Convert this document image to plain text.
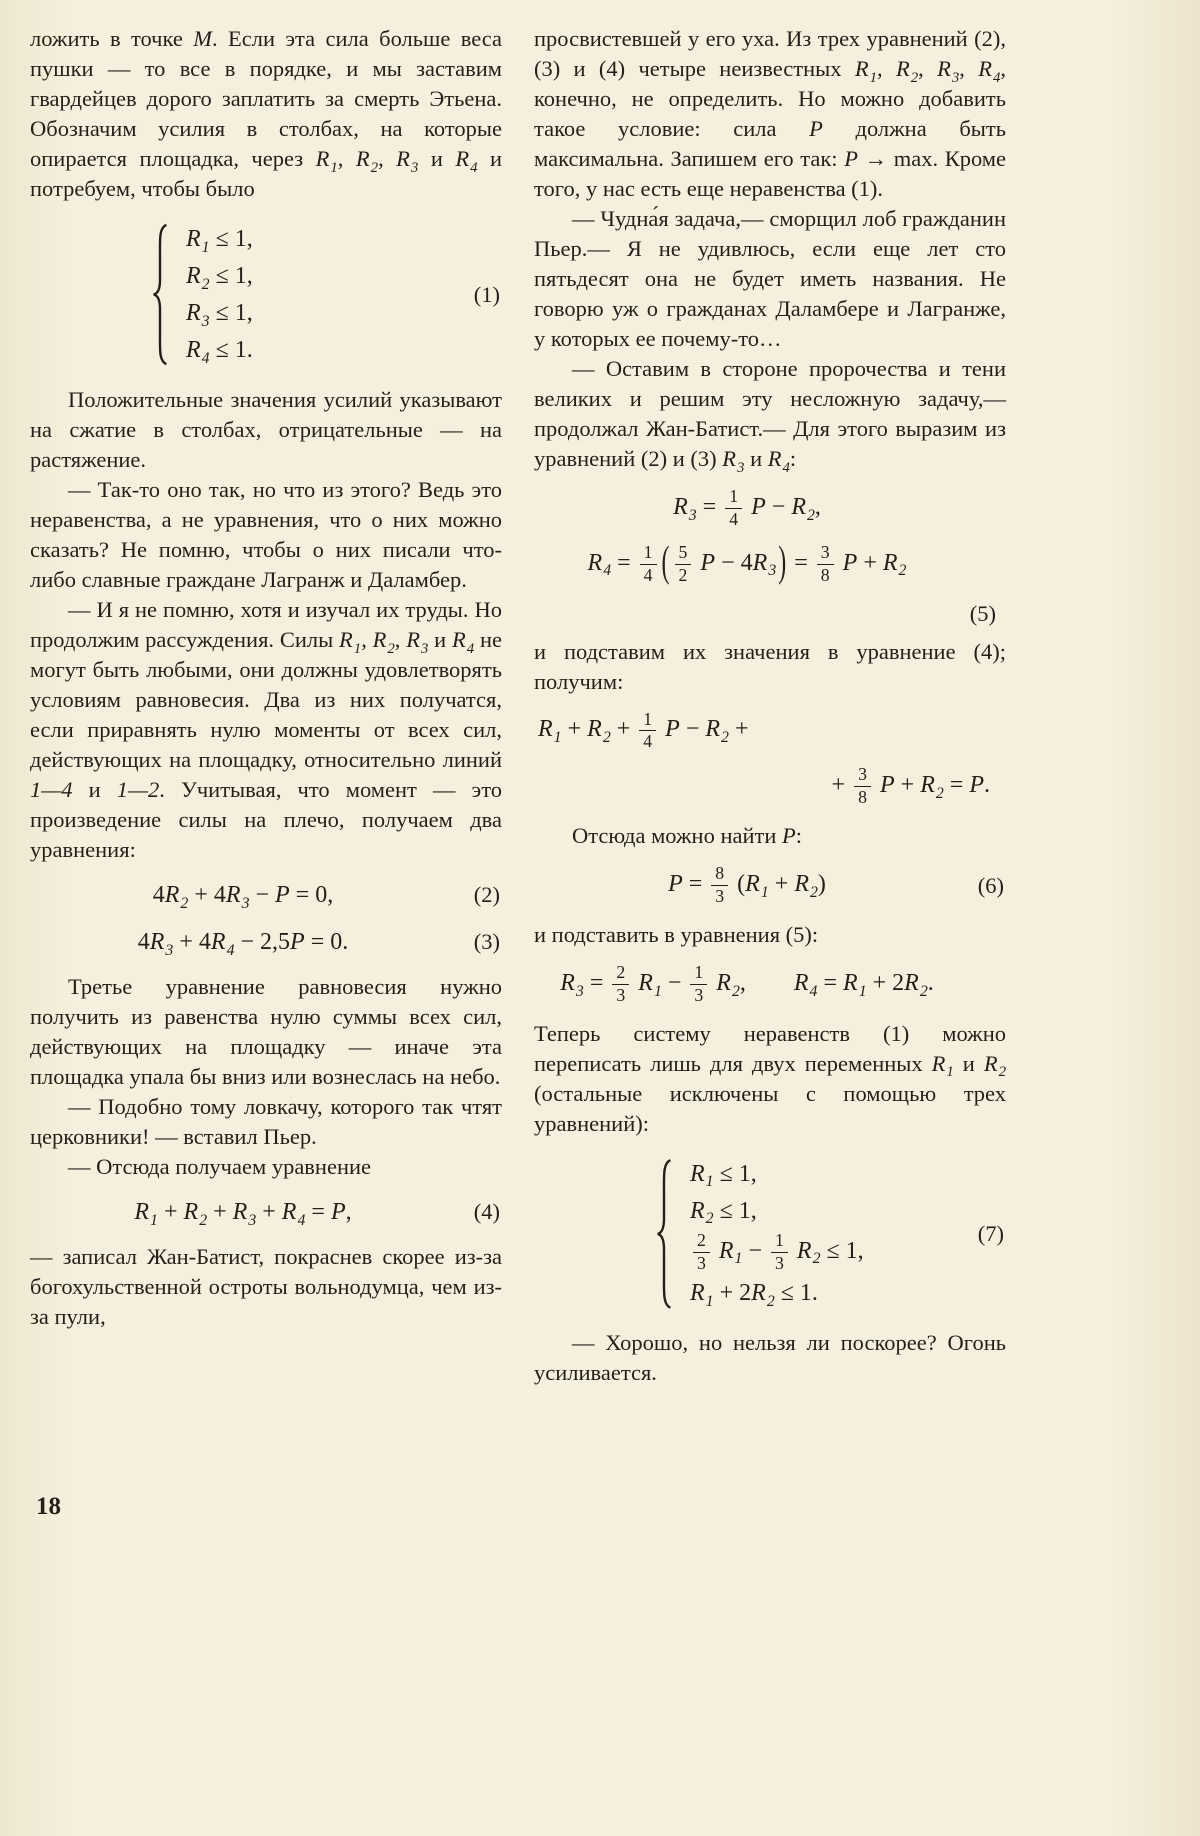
ложить в точке М. Если эта сила больше веса пушки — то все в порядке, и мы заставим гвардейцев дорого заплатить за смерть Этьена. Обозначим усилия в столбах, на которые опирается площадка, через $R_1$, $R_2$, $R_3$ и $R_4$ и потребуем, чтобы было

$R_1 \le 1$,
$R_2 \le 1$,
$R_3 \le 1$,
$R_4 \le 1$.
(1)

Положительные значения усилий указывают на сжатие в столбах, отрицательные — на растяжение.

— Так-то оно так, но что из этого? Ведь это неравенства, а не уравнения, что о них можно сказать? Не помню, чтобы о них писали что-либо славные граждане Лагранж и Даламбер.

— И я не помню, хотя и изучал их труды. Но продолжим рассуждения. Силы $R_1$, $R_2$, $R_3$ и $R_4$ не могут быть любыми, они должны удовлетворять условиям равновесия. Два из них получатся, если приравнять нулю моменты от всех сил, действующих на площадку, относительно линий 1—4 и 1—2. Учитывая, что момент — это произведение силы на плечо, получаем два уравнения:

$4R_2 + 4R_3 - P = 0$,	(2)
$4R_3 + 4R_4 - 2,5P = 0$.	(3)

Третье уравнение равновесия нужно получить из равенства нулю суммы всех сил, действующих на площадку — иначе эта площадка упала бы вниз или вознеслась на небо.

— Подобно тому ловкачу, которого так чтят церковники! — вставил Пьер.

— Отсюда получаем уравнение

$R_1 + R_2 + R_3 + R_4 = P$,	(4)

— записал Жан-Батист, покраснев скорее из-за богохульственной остроты вольнодумца, чем из-за пули,

просвистевшей у его уха. Из трех уравнений (2), (3) и (4) четыре неизвестных $R_1$, $R_2$, $R_3$, $R_4$, конечно, не определить. Но можно добавить такое условие: сила P должна быть максимальна. Запишем его так: P → max. Кроме того, у нас есть еще неравенства (1).

— Чудна́я задача,— сморщил лоб гражданин Пьер.— Я не удивлюсь, если еще лет сто пятьдесят она не будет иметь названия. Не говорю уж о гражданах Даламбере и Лагранже, у которых ее почему-то…

— Оставим в стороне пророчества и тени великих и решим эту несложную задачу,— продолжал Жан-Батист.— Для этого выразим из уравнений (2) и (3) $R_3$ и $R_4$:

$R_3 = \frac{1}{4}$ $P - R_2$,
$R_4 = \frac{1}{4}$ ( $\frac{5}{2}$ $P - 4R_3) = \frac{3}{8}$ $P + R_2$
(5)

и подставим их значения в уравнение (4); получим:

$R_1 + R_2 + \frac{1}{4}$ $P - R_2$ +
+ $\frac{3}{8}$ $P + R_2 = P$.

Отсюда можно найти P:

$P = \frac{8}{3} (R_1 + R_2)$	(6)

и подставить в уравнения (5):

$R_3 = \frac{2}{3} R_1 - \frac{1}{3} R_2$,  $R_4 = R_1 + 2R_2$.

Теперь систему неравенств (1) можно переписать лишь для двух переменных $R_1$ и $R_2$ (остальные исключены с помощью трех уравнений):

$R_1 \le 1$,
$R_2 \le 1$,
$\frac{2}{3} R_1 - \frac{1}{3} R_2 \le 1$,
$R_1 + 2R_2 \le 1$.
(7)

— Хорошо, но нельзя ли поскорее? Огонь усиливается.

18
